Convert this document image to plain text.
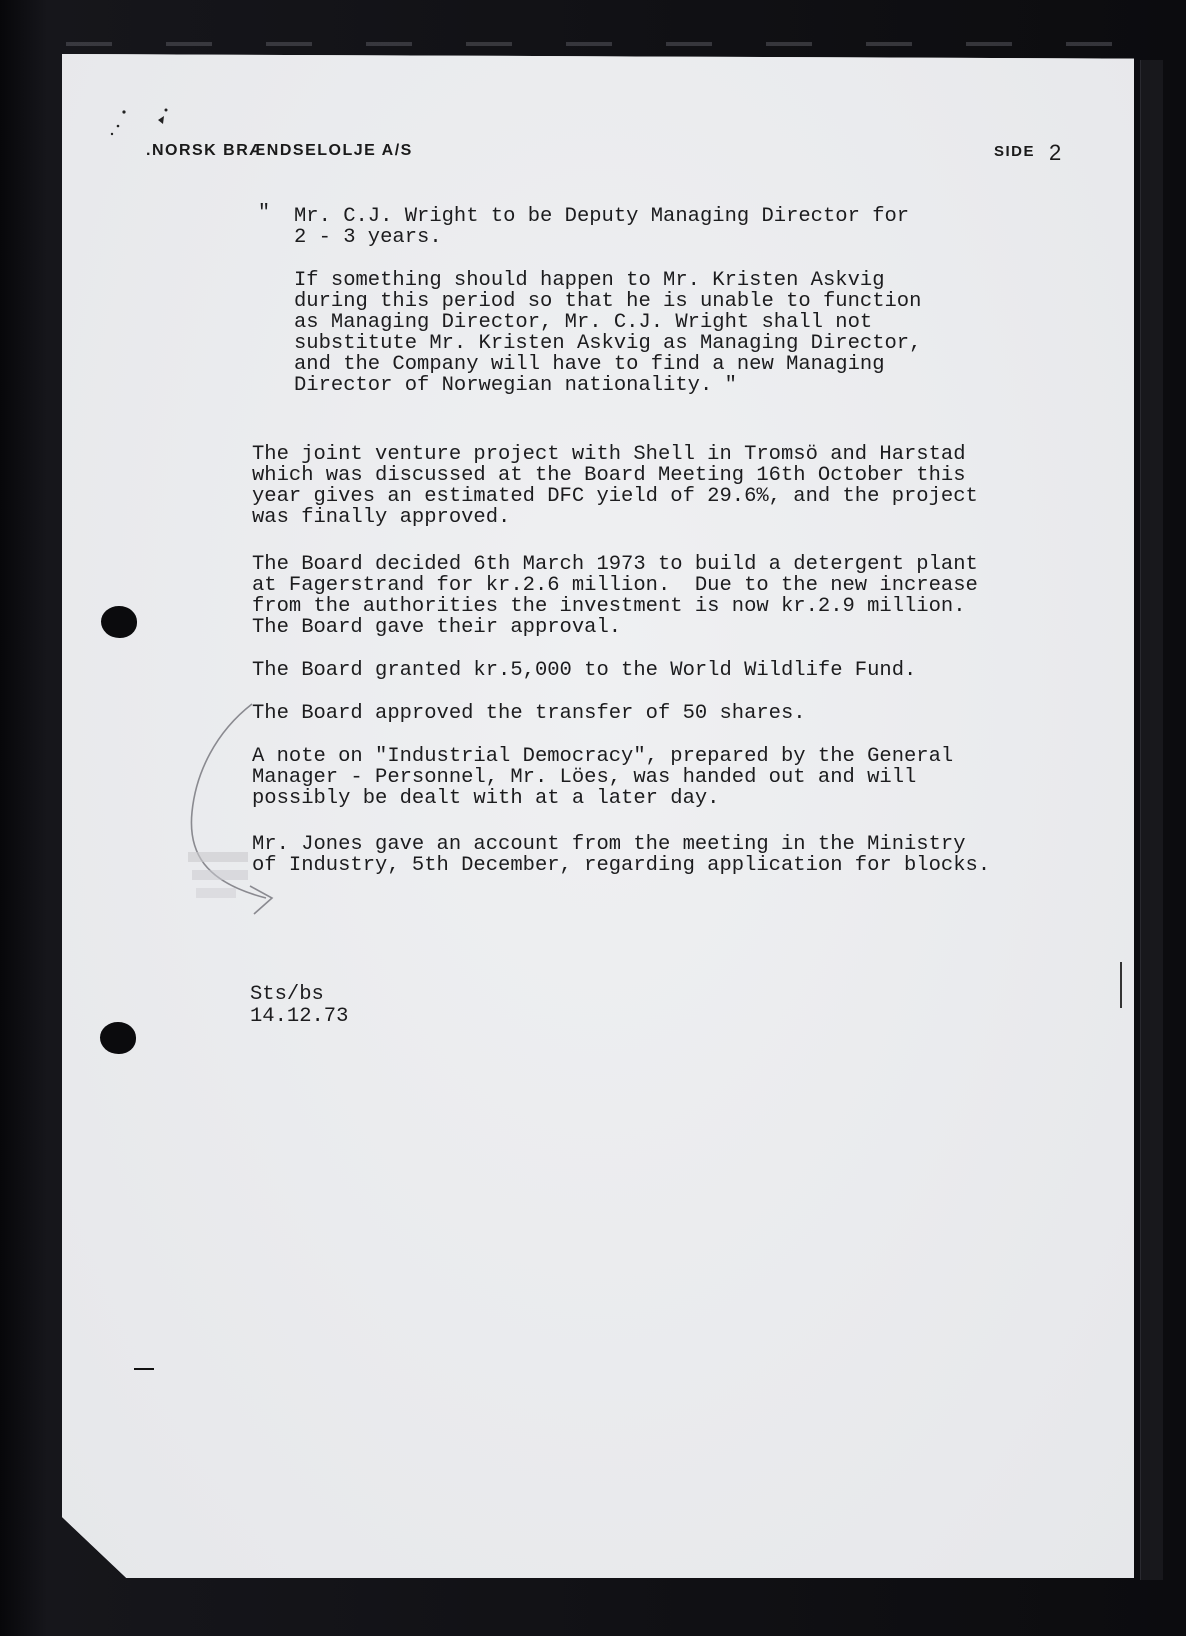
.NORSK BRÆNDSELOLJE A/S	SIDE 2
" Mr. C.J. Wright to be Deputy Managing Director for
2 - 3 years.
If something should happen to Mr. Kristen Askvig
during this period so that he is unable to function
as Managing Director, Mr. C.J. Wright shall not
substitute Mr. Kristen Askvig as Managing Director,
and the Company will have to find a new Managing
Director of Norwegian nationality. "
The joint venture project with Shell in Tromsö and Harstad
which was discussed at the Board Meeting 16th October this
year gives an estimated DFC yield of 29.6%, and the project
was finally approved.
The Board decided 6th March 1973 to build a detergent plant
at Fagerstrand for kr.2.6 million.  Due to the new increase
from the authorities the investment is now kr.2.9 million.
The Board gave their approval.
The Board granted kr.5,000 to the World Wildlife Fund.
The Board approved the transfer of 50 shares.
A note on "Industrial Democracy", prepared by the General
Manager - Personnel, Mr. Löes, was handed out and will
possibly be dealt with at a later day.
Mr. Jones gave an account from the meeting in the Ministry
of Industry, 5th December, regarding application for blocks.
Sts/bs
14.12.73
